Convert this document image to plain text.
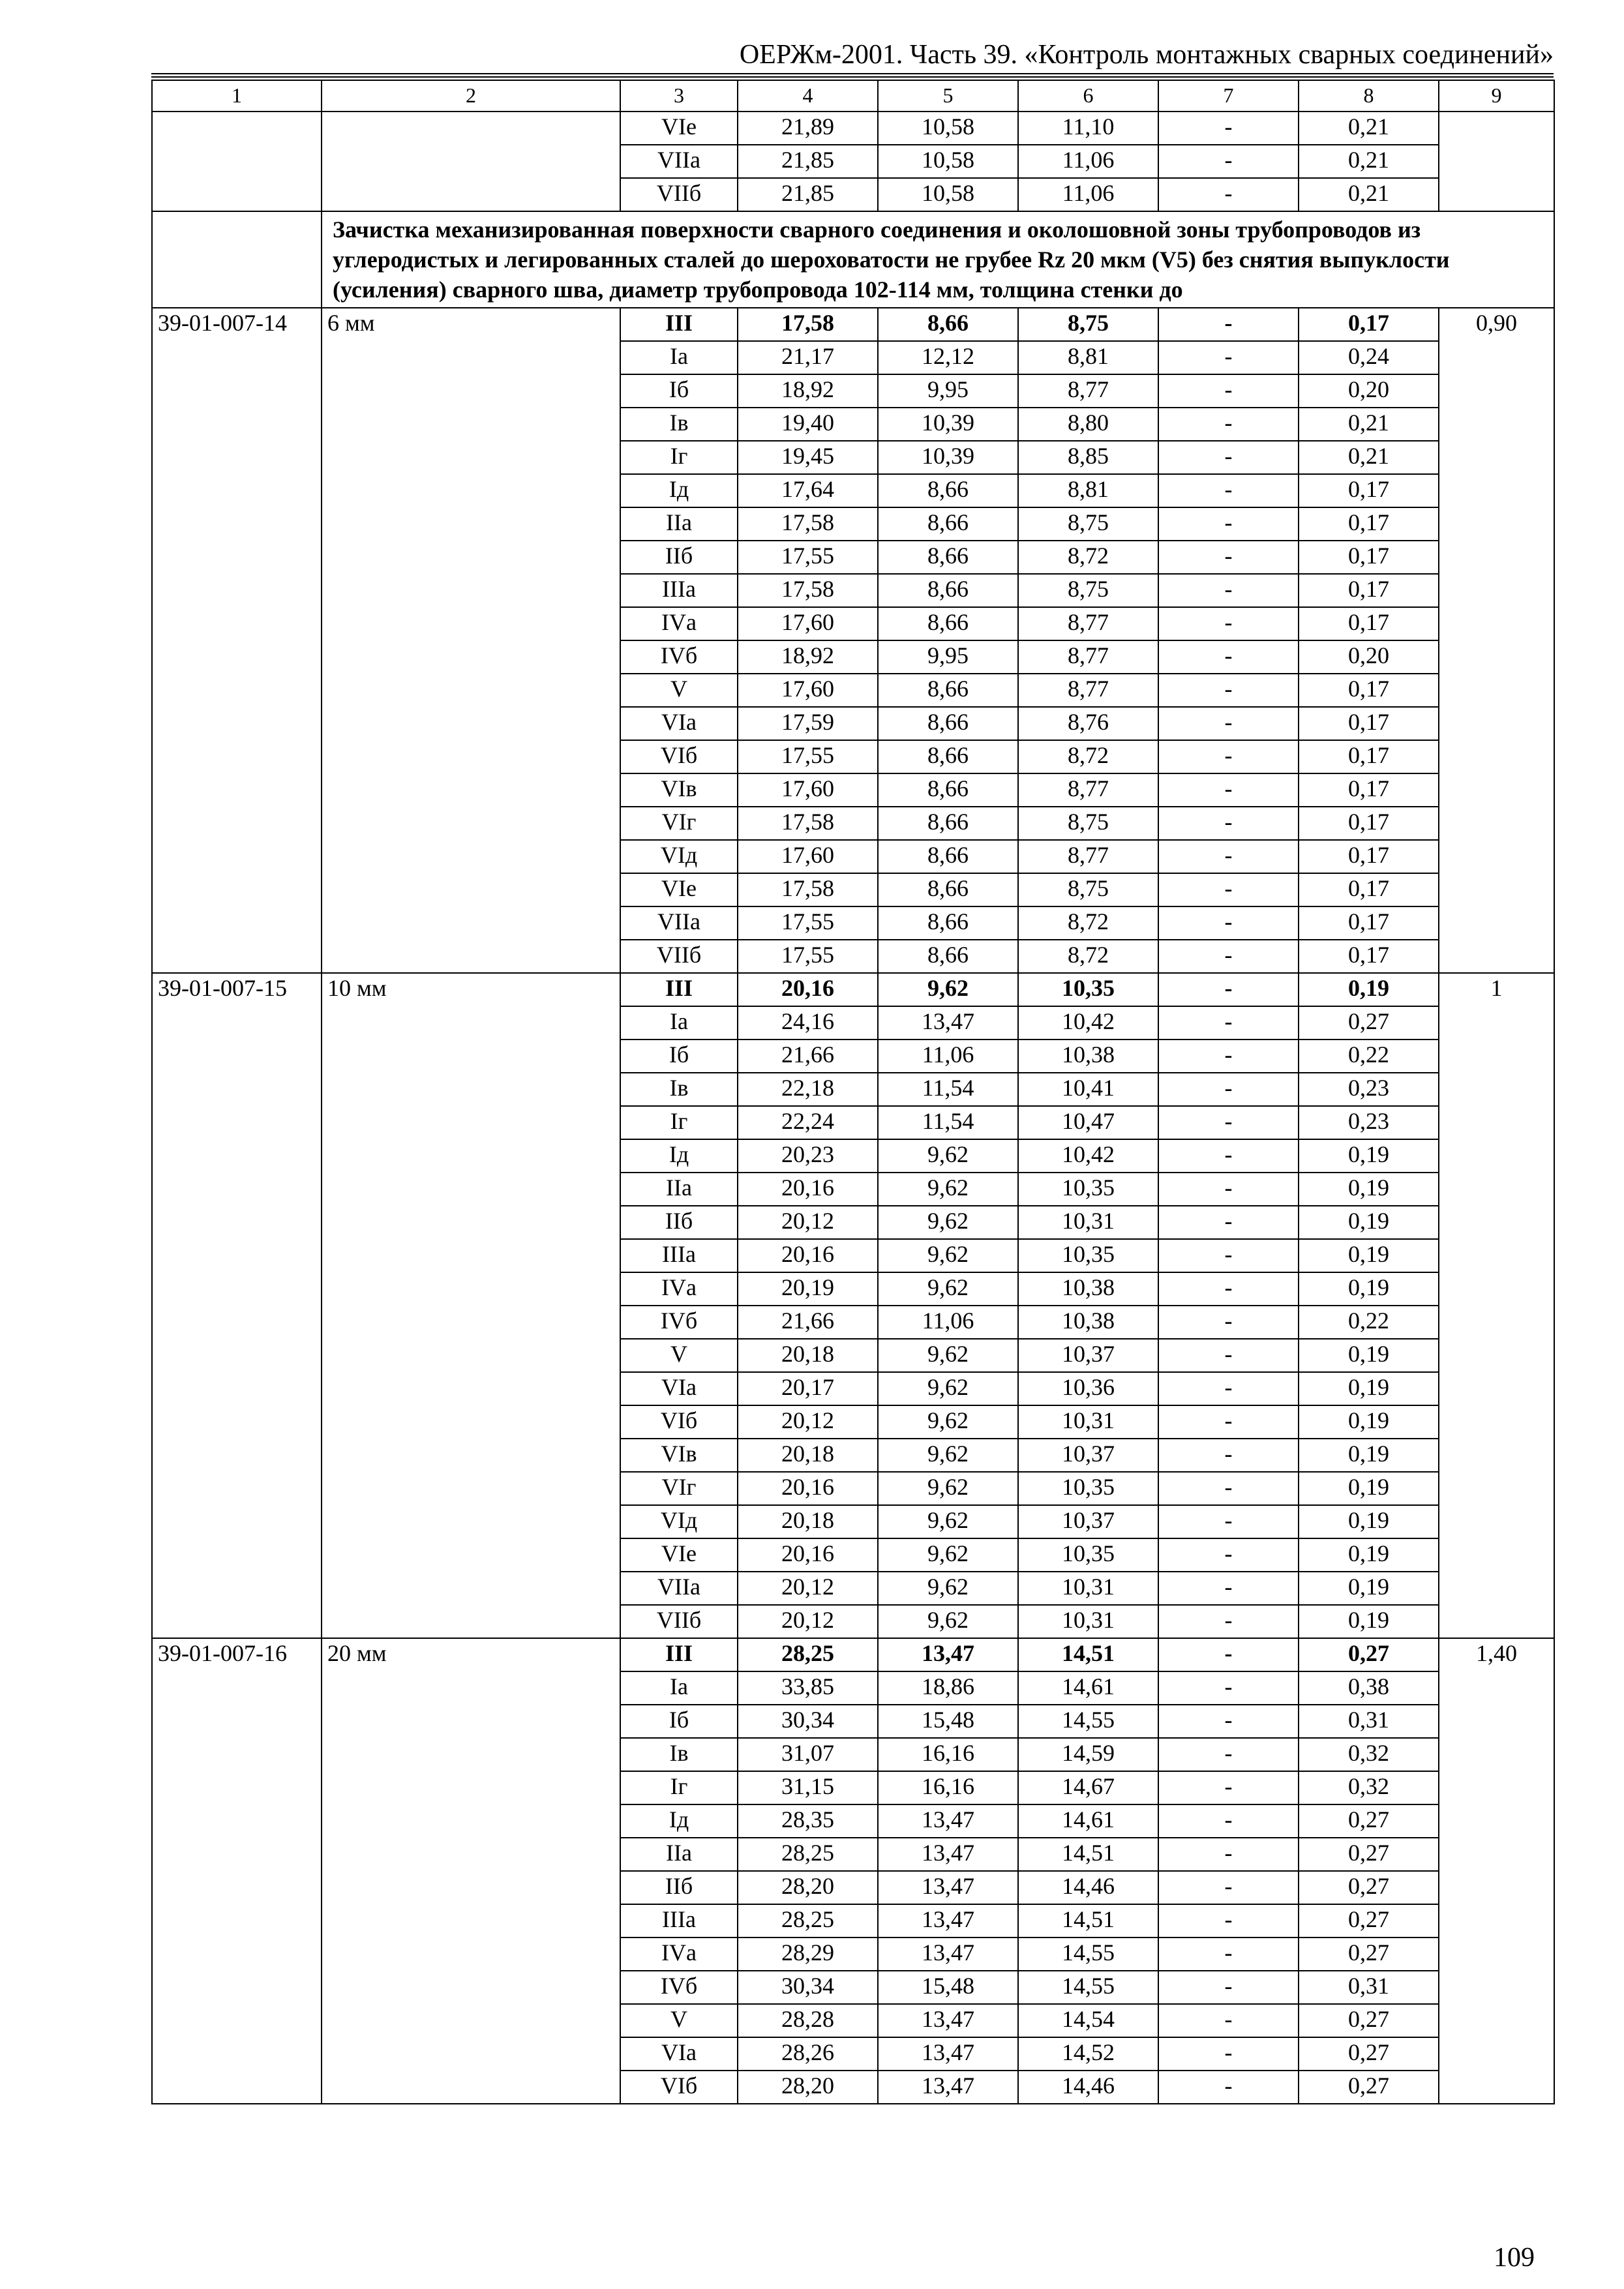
ОЕРЖм-2001. Часть 39. «Контроль монтажных сварных соединений»
1	2	3	4	5	6	7	8	9
		VIе	21,89	10,58	11,10	-	0,21	
		VIIа	21,85	10,58	11,06	-	0,21	
		VIIб	21,85	10,58	11,06	-	0,21	
	Зачистка механизированная поверхности сварного соединения и околошовной зоны трубопроводов из углеродистых и легированных сталей до шероховатости не грубее Rz 20 мкм (V5) без снятия выпуклости (усиления) сварного шва, диаметр трубопровода 102-114 мм, толщина стенки до							
39-01-007-14	6 мм	III	17,58	8,66	8,75	-	0,17	0,90
		Iа	21,17	12,12	8,81	-	0,24	
		Iб	18,92	9,95	8,77	-	0,20	
		Iв	19,40	10,39	8,80	-	0,21	
		Iг	19,45	10,39	8,85	-	0,21	
		Iд	17,64	8,66	8,81	-	0,17	
		IIа	17,58	8,66	8,75	-	0,17	
		IIб	17,55	8,66	8,72	-	0,17	
		IIIа	17,58	8,66	8,75	-	0,17	
		IVа	17,60	8,66	8,77	-	0,17	
		IVб	18,92	9,95	8,77	-	0,20	
		V	17,60	8,66	8,77	-	0,17	
		VIа	17,59	8,66	8,76	-	0,17	
		VIб	17,55	8,66	8,72	-	0,17	
		VIв	17,60	8,66	8,77	-	0,17	
		VIг	17,58	8,66	8,75	-	0,17	
		VIд	17,60	8,66	8,77	-	0,17	
		VIе	17,58	8,66	8,75	-	0,17	
		VIIа	17,55	8,66	8,72	-	0,17	
		VIIб	17,55	8,66	8,72	-	0,17	
39-01-007-15	10 мм	III	20,16	9,62	10,35	-	0,19	1
		Iа	24,16	13,47	10,42	-	0,27	
		Iб	21,66	11,06	10,38	-	0,22	
		Iв	22,18	11,54	10,41	-	0,23	
		Iг	22,24	11,54	10,47	-	0,23	
		Iд	20,23	9,62	10,42	-	0,19	
		IIа	20,16	9,62	10,35	-	0,19	
		IIб	20,12	9,62	10,31	-	0,19	
		IIIа	20,16	9,62	10,35	-	0,19	
		IVа	20,19	9,62	10,38	-	0,19	
		IVб	21,66	11,06	10,38	-	0,22	
		V	20,18	9,62	10,37	-	0,19	
		VIа	20,17	9,62	10,36	-	0,19	
		VIб	20,12	9,62	10,31	-	0,19	
		VIв	20,18	9,62	10,37	-	0,19	
		VIг	20,16	9,62	10,35	-	0,19	
		VIд	20,18	9,62	10,37	-	0,19	
		VIе	20,16	9,62	10,35	-	0,19	
		VIIа	20,12	9,62	10,31	-	0,19	
		VIIб	20,12	9,62	10,31	-	0,19	
39-01-007-16	20 мм	III	28,25	13,47	14,51	-	0,27	1,40
		Iа	33,85	18,86	14,61	-	0,38	
		Iб	30,34	15,48	14,55	-	0,31	
		Iв	31,07	16,16	14,59	-	0,32	
		Iг	31,15	16,16	14,67	-	0,32	
		Iд	28,35	13,47	14,61	-	0,27	
		IIа	28,25	13,47	14,51	-	0,27	
		IIб	28,20	13,47	14,46	-	0,27	
		IIIа	28,25	13,47	14,51	-	0,27	
		IVа	28,29	13,47	14,55	-	0,27	
		IVб	30,34	15,48	14,55	-	0,31	
		V	28,28	13,47	14,54	-	0,27	
		VIа	28,26	13,47	14,52	-	0,27	
		VIб	28,20	13,47	14,46	-	0,27	
109
